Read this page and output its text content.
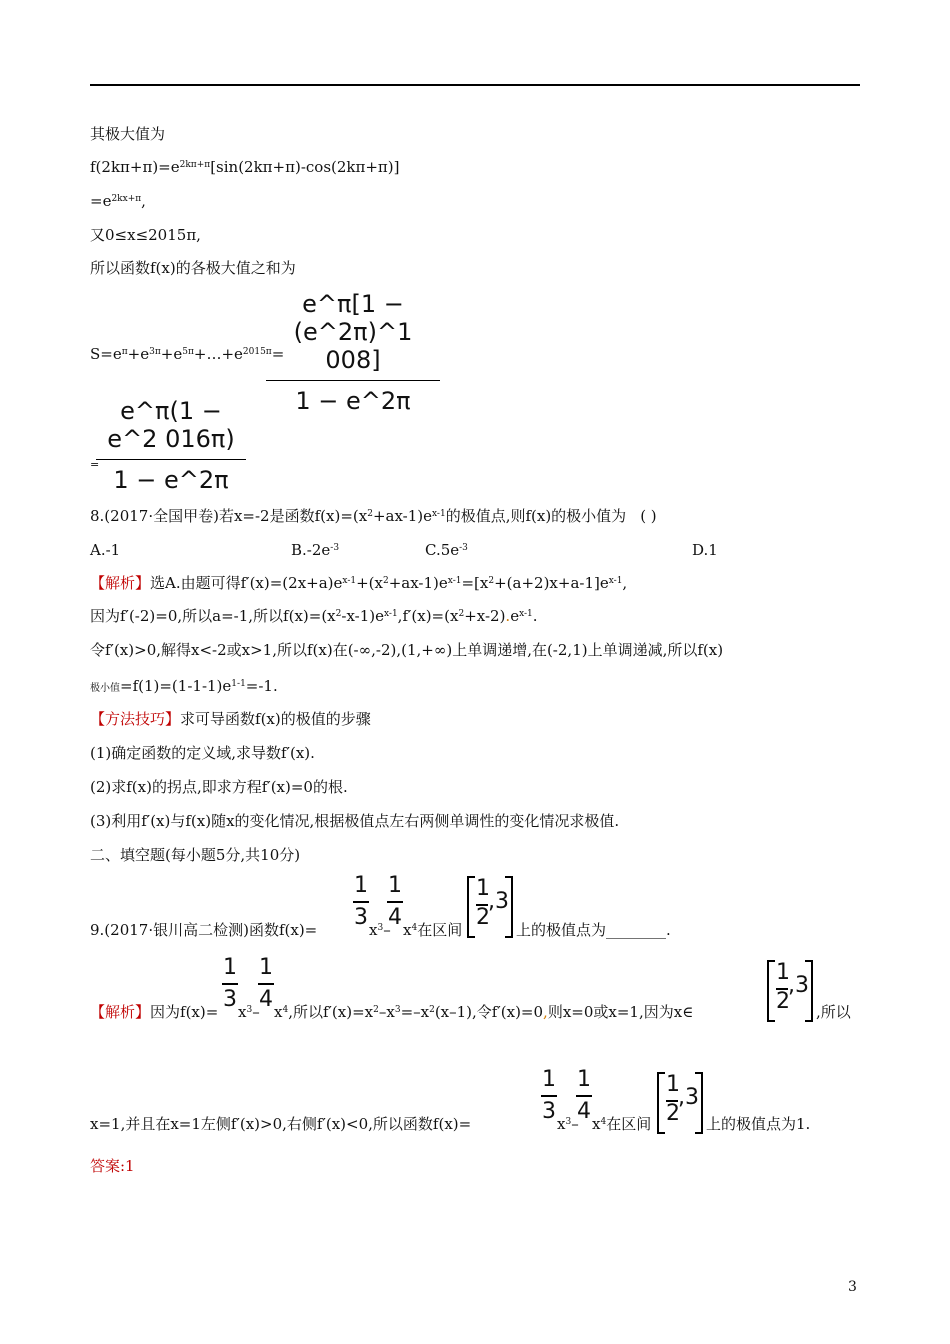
其极大值为
$f(2k\pi+\pi)=e^{2k\pi+\pi}[\sin(2k\pi+\pi)-\cos(2k\pi+\pi)]$
$=e^{2kx+\pi}$,
又0≤x≤2015π,
所以函数f(x)的各极大值之和为
e^π[1 − (e^2π)^1 008]
1 − e^2π
$S=e^\pi+e^{3\pi}+e^{5\pi}+\dots+e^{2015\pi}=$
e^π(1 − e^2 016π)
1 − e^2π
=
8.(2017·全国甲卷)若x=-2是函数$f(x)=(x^2+ax-1)e^{x-1}$的极值点,则f(x)的极小值为 ( )
A.-1	$B.-2e^{-3}$	$C.5e^{-3}$	D.1
【解析】选A.由题可得$f'(x)=(2x+a)e^{x-1}+(x^2+ax-1)e^{x-1}=[x^2+(a+2)x+a-1]e^{x-1}$,
因为f′(-2)=0,所以a=-1,所以$f(x)=(x^2-x-1)e^{x-1},f'(x)=(x^2+x-2).e^{x-1}$.
令f′(x)>0,解得x<-2或x>1,所以f(x)在(-∞,-2),(1,+∞)上单调递增,在(-2,1)上单调递减,所以f(x)
极小值$=f(1)=(1-1-1)e^{1-1}=-1$.
【方法技巧】求可导函数f(x)的极值的步骤
(1)确定函数的定义域,求导数f′(x).
(2)求f(x)的拐点,即求方程f′(x)=0的根.
(3)利用f′(x)与f(x)随x的变化情况,根据极值点左右两侧单调性的变化情况求极值.
二、填空题(每小题5分,共10分)
9.(2017·银川高二检测)函数f(x)=
1
3
$x^3-$
1
4
$x^4$在区间
1
2
,3
上的极值点为________.
【解析】因为f(x)=
1
3
$x^3-$
1
4
$x^4$,所以$f'(x)=x^2-x^3=-x^2(x-1)$,令f′(x)=0,则x=0或x=1,因为x∈
1
2
,3
,所以
x=1,并且在x=1左侧f′(x)>0,右侧f′(x)<0,所以函数f(x)=
1
3
$x^3-$
1
4
$x^4$在区间
1
2
,3
上的极值点为1.
答案:1
3
